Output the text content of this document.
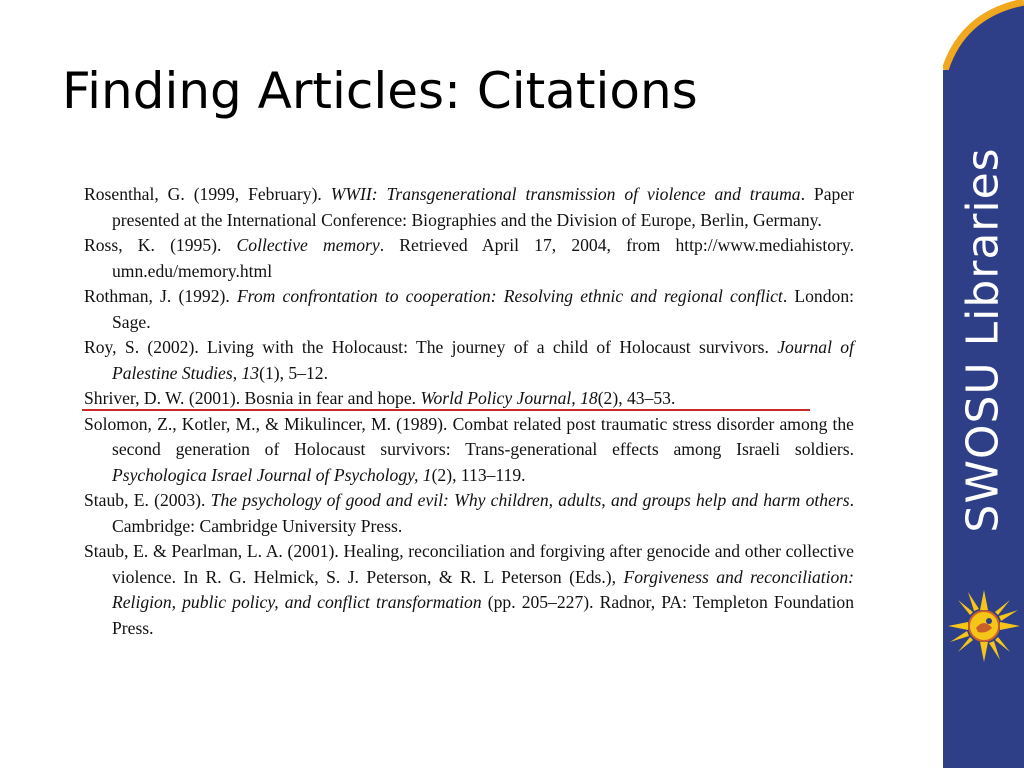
Finding Articles: Citations

Rosenthal, G. (1999, February). WWII: Transgenerational transmission of violence and trauma. Paper presented at the International Conference: Biographies and the Division of Europe, Berlin, Germany.

Ross, K. (1995). Collective memory. Retrieved April 17, 2004, from http://www.mediahistory. umn.edu/memory.html

Rothman, J. (1992). From confrontation to cooperation: Resolving ethnic and regional conflict. London: Sage.

Roy, S. (2002). Living with the Holocaust: The journey of a child of Holocaust survivors. Journal of Palestine Studies, 13(1), 5–12.

Shriver, D. W. (2001). Bosnia in fear and hope. World Policy Journal, 18(2), 43–53.

Solomon, Z., Kotler, M., & Mikulincer, M. (1989). Combat related post traumatic stress disorder among the second generation of Holocaust survivors: Trans-generational effects among Israeli soldiers. Psychologica Israel Journal of Psychology, 1(2), 113–119.

Staub, E. (2003). The psychology of good and evil: Why children, adults, and groups help and harm others. Cambridge: Cambridge University Press.

Staub, E. & Pearlman, L. A. (2001). Healing, reconciliation and forgiving after genocide and other collective violence. In R. G. Helmick, S. J. Peterson, & R. L Peterson (Eds.), Forgiveness and reconciliation: Religion, public policy, and conflict transformation (pp. 205–227). Radnor, PA: Templeton Foundation Press.

SWOSU Libraries
